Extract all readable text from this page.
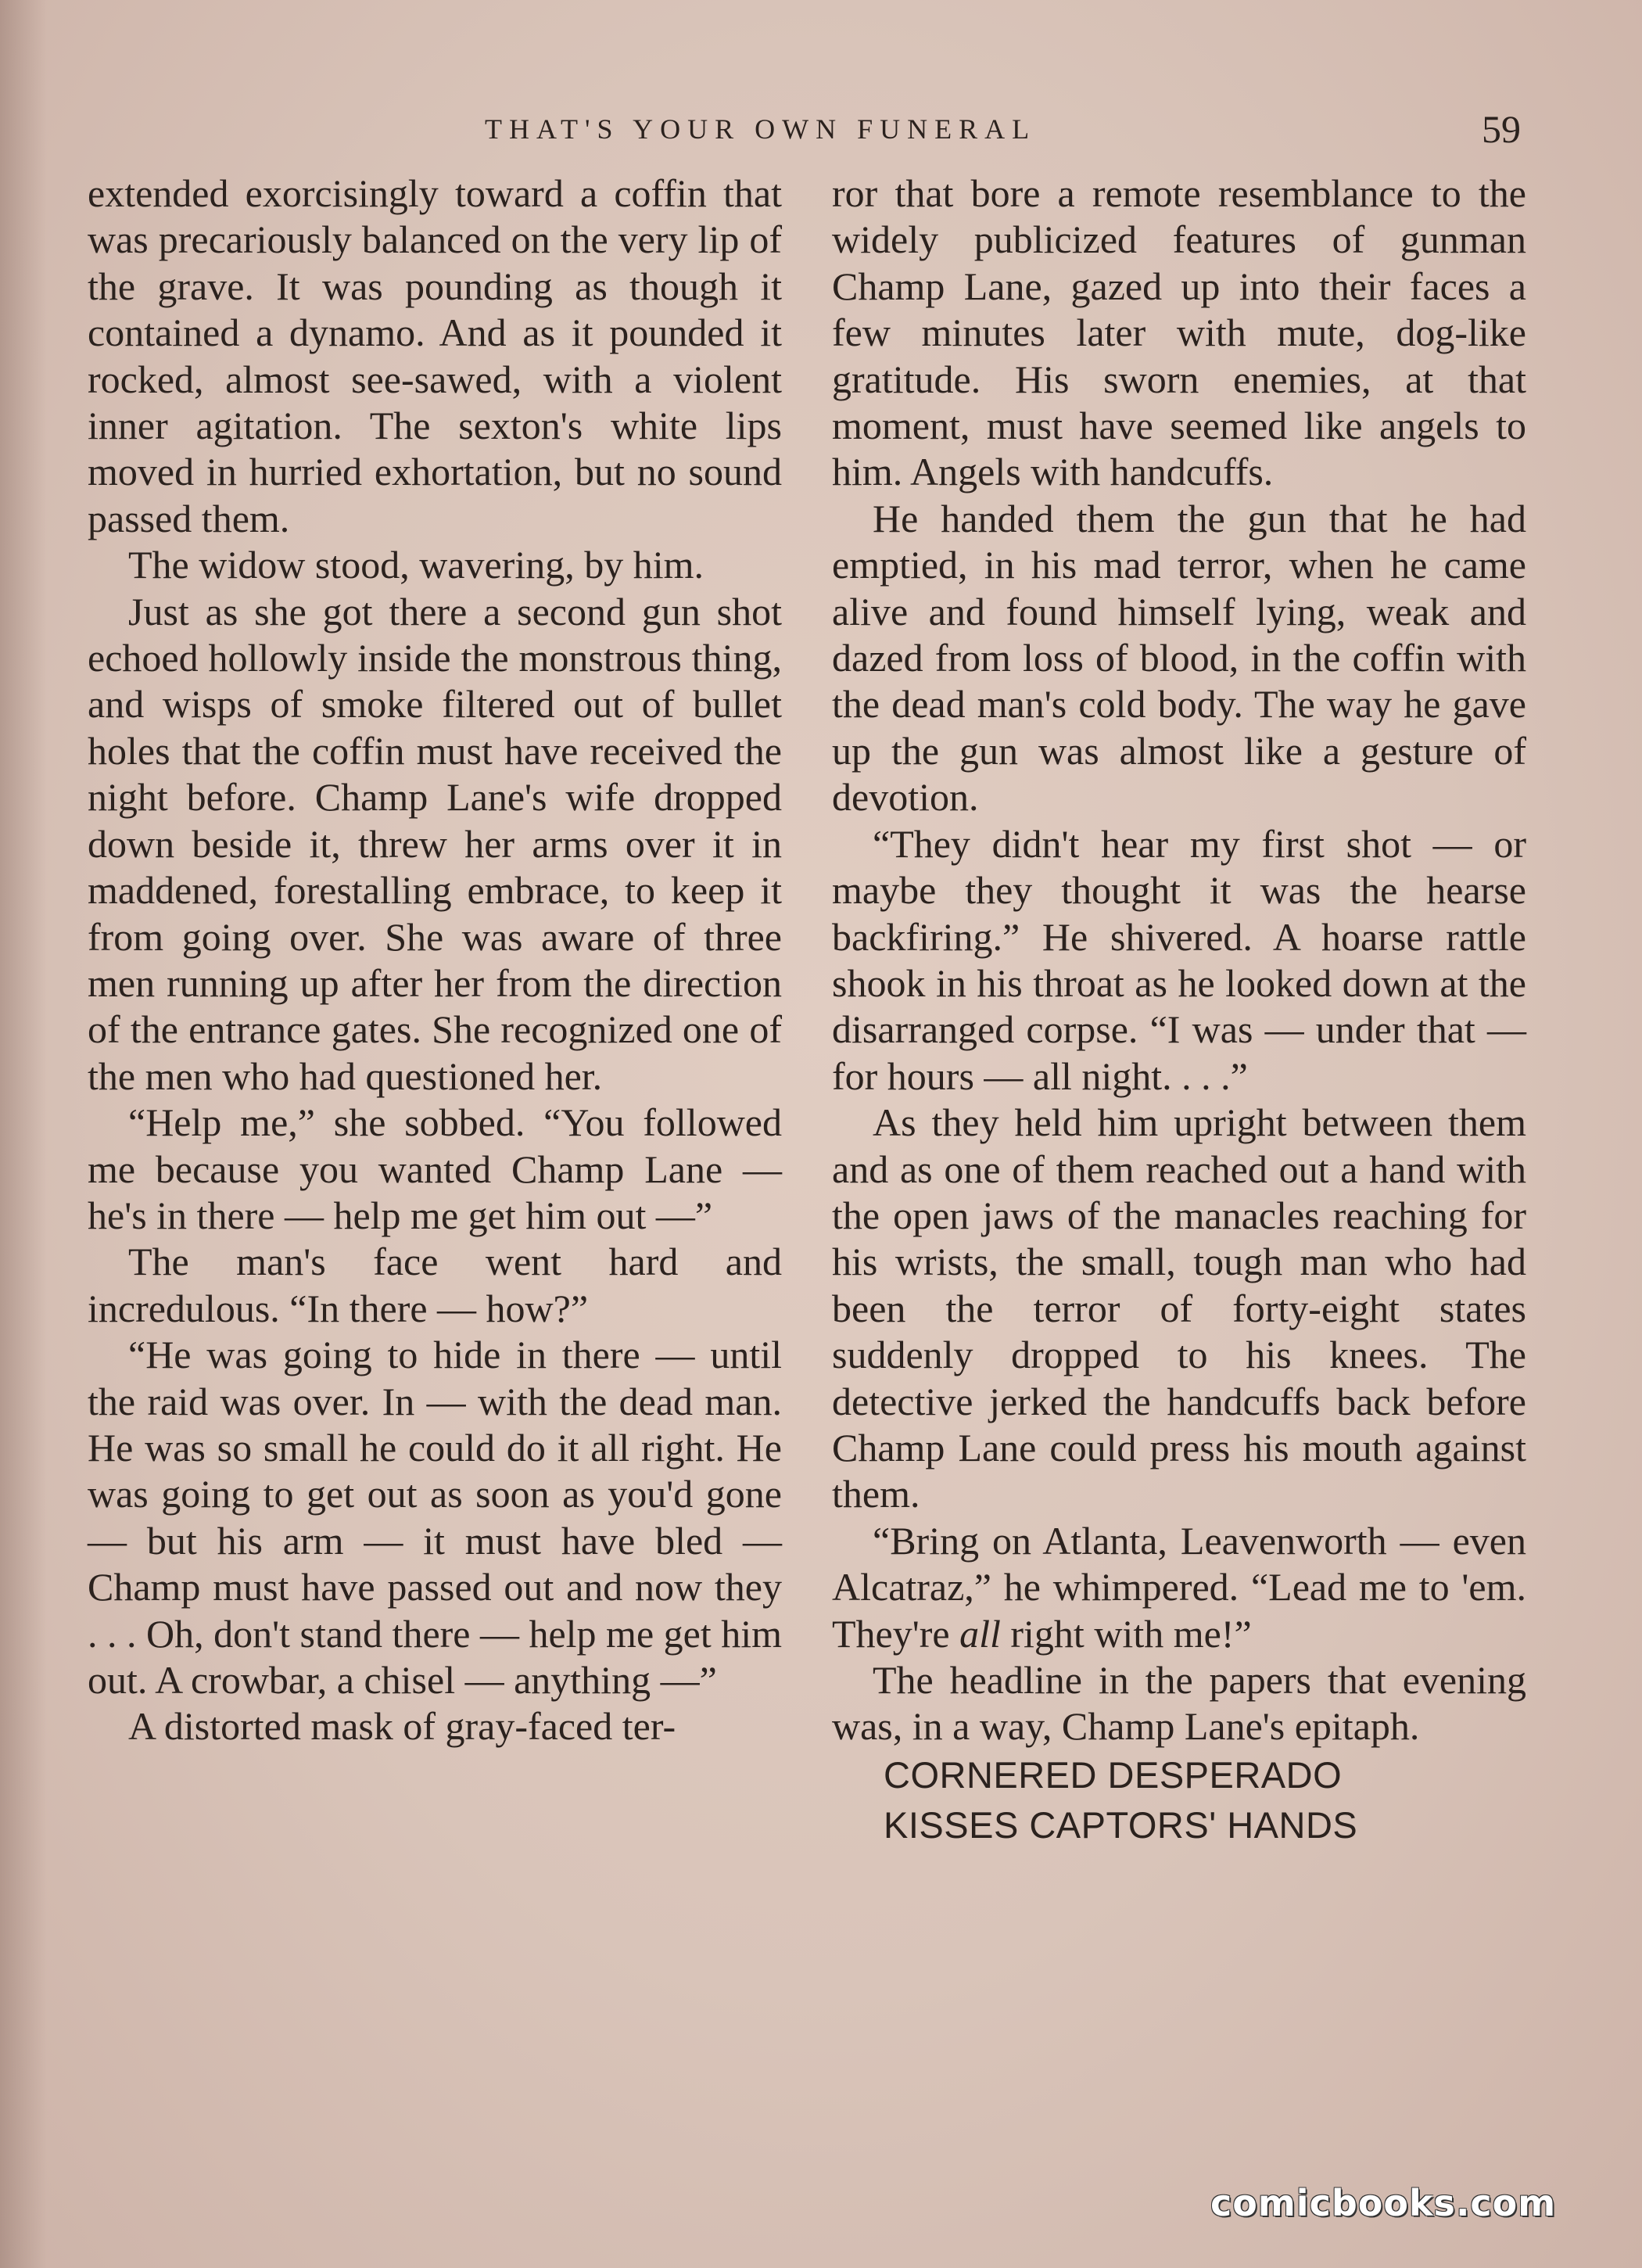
THAT'S YOUR OWN FUNERAL	59

extended exorcisingly toward a coffin that was precariously balanced on the very lip of the grave. It was pounding as though it contained a dynamo. And as it pounded it rocked, almost see-sawed, with a violent inner agitation. The sexton's white lips moved in hurried exhortation, but no sound passed them.

The widow stood, wavering, by him.

Just as she got there a second gun shot echoed hollowly inside the monstrous thing, and wisps of smoke filtered out of bullet holes that the coffin must have received the night before. Champ Lane's wife dropped down beside it, threw her arms over it in maddened, forestalling embrace, to keep it from going over. She was aware of three men running up after her from the direction of the entrance gates. She recognized one of the men who had questioned her.

“Help me,” she sobbed. “You followed me because you wanted Champ Lane — he's in there — help me get him out —”

The man's face went hard and incredulous. “In there — how?”

“He was going to hide in there — until the raid was over. In — with the dead man. He was so small he could do it all right. He was going to get out as soon as you'd gone — but his arm — it must have bled — Champ must have passed out and now they . . . Oh, don't stand there — help me get him out. A crowbar, a chisel — anything —”

A distorted mask of gray-faced ter-

ror that bore a remote resemblance to the widely publicized features of gunman Champ Lane, gazed up into their faces a few minutes later with mute, dog-like gratitude. His sworn enemies, at that moment, must have seemed like angels to him. Angels with handcuffs.

He handed them the gun that he had emptied, in his mad terror, when he came alive and found himself lying, weak and dazed from loss of blood, in the coffin with the dead man's cold body. The way he gave up the gun was almost like a gesture of devotion.

“They didn't hear my first shot — or maybe they thought it was the hearse backfiring.” He shivered. A hoarse rattle shook in his throat as he looked down at the disarranged corpse. “I was — under that — for hours — all night. . . .”

As they held him upright between them and as one of them reached out a hand with the open jaws of the manacles reaching for his wrists, the small, tough man who had been the terror of forty-eight states suddenly dropped to his knees. The detective jerked the handcuffs back before Champ Lane could press his mouth against them.

“Bring on Atlanta, Leavenworth — even Alcatraz,” he whimpered. “Lead me to 'em. They're all right with me!”

The headline in the papers that evening was, in a way, Champ Lane's epitaph.

CORNERED DESPERADO
KISSES CAPTORS' HANDS
comicbooks.com
